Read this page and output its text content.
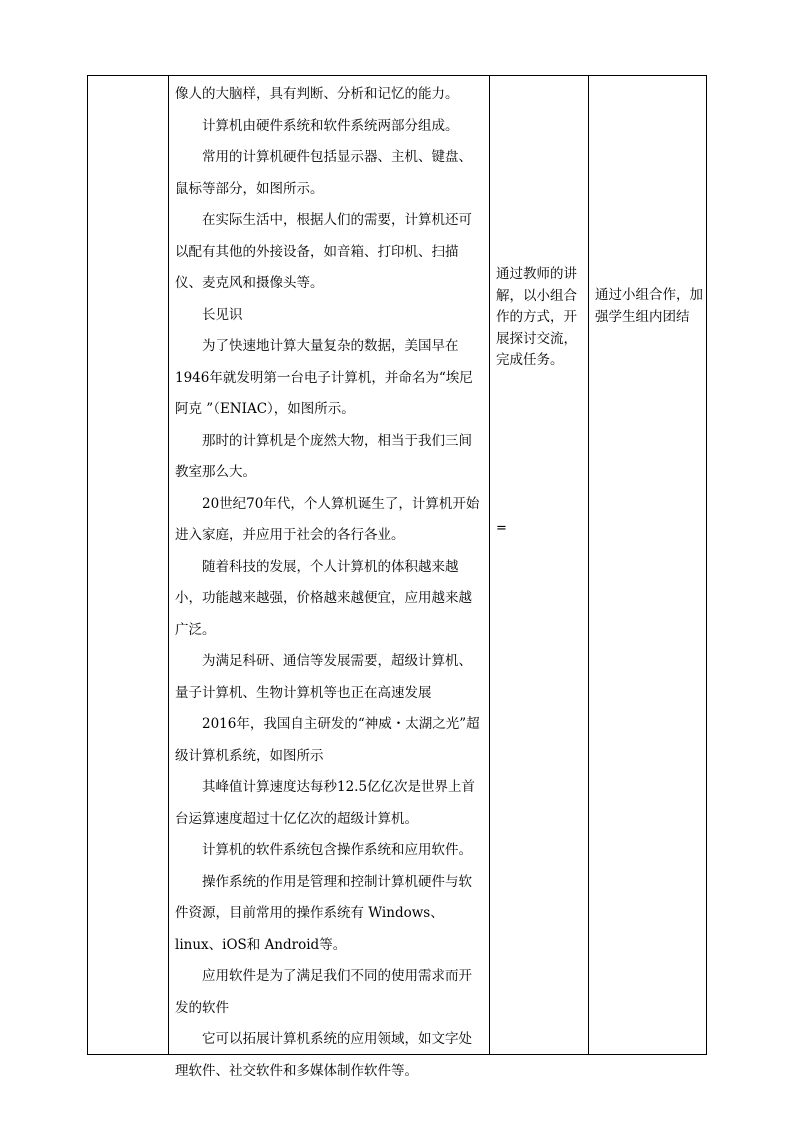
像人的大脑样，具有判断、分析和记忆的能力。

计算机由硬件系统和软件系统两部分组成。

常用的计算机硬件包括显示器、主机、键盘、鼠标等部分，如图所示。

在实际生活中，根据人们的需要，计算机还可以配有其他的外接设备，如音箱、打印机、扫描仪、麦克风和摄像头等。

长见识

为了快速地计算大量复杂的数据，美国早在1946年就发明第一台电子计算机，并命名为“埃尼阿克 ”（ENIAC），如图所示。

那时的计算机是个庞然大物，相当于我们三间教室那么大。

20世纪70年代，个人算机诞生了，计算机开始进入家庭，并应用于社会的各行各业。

随着科技的发展，个人计算机的体积越来越小，功能越来越强，价格越来越便宜，应用越来越广泛。

为满足科研、通信等发展需要，超级计算机、量子计算机、生物计算机等也正在高速发展

2016年，我国自主研发的“神威・太湖之光”超级计算机系统，如图所示

其峰值计算速度达每秒12.5亿亿次是世界上首台运算速度超过十亿亿次的超级计算机。

计算机的软件系统包含操作系统和应用软件。

操作系统的作用是管理和控制计算机硬件与软件资源，目前常用的操作系统有 Windows、linux、iOS和 Android等。

应用软件是为了满足我们不同的使用需求而开发的软件

它可以拓展计算机系统的应用领域，如文字处理软件、社交软件和多媒体制作软件等。

通过教师的讲解，以小组合作的方式，开展探讨交流，完成任务。

=

通过小组合作，加强学生组内团结
